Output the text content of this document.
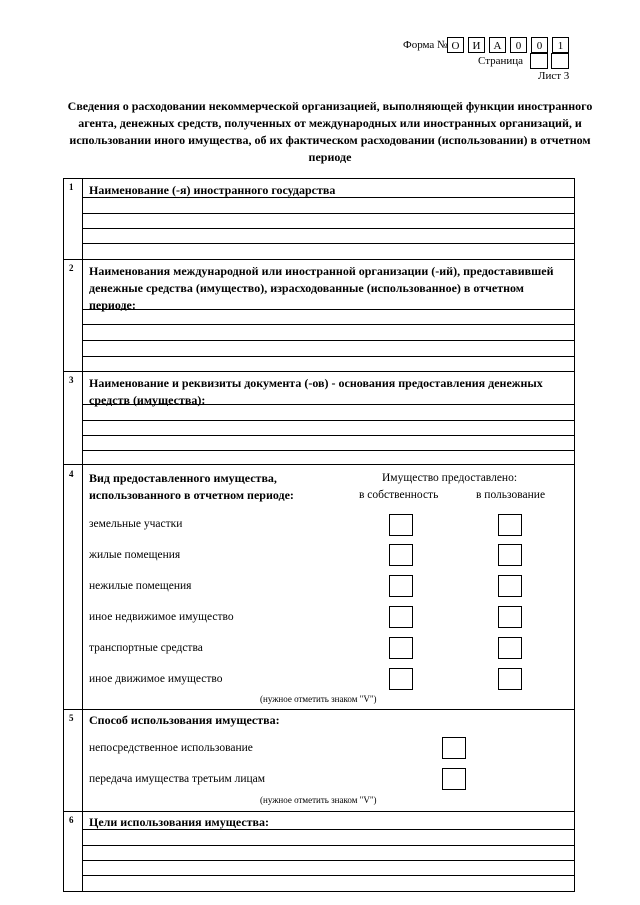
Форма № О	И	А	0	0	1
Страница
Лист 3
Сведения о расходовании некоммерческой организацией, выполняющей функции иностранного агента, денежных средств, полученных от международных или иностранных организаций, и использовании иного имущества, об их фактическом расходовании (использовании) в отчетном периоде
1 Наименование (-я) иностранного государства
2 Наименования международной или иностранной организации (-ий), предоставившей денежные средства (имущество), израсходованные (использованное) в отчетном периоде:
3 Наименование и реквизиты документа (-ов) - основания предоставления денежных средств (имущества):
4 Вид предоставленного имущества, использованного в отчетном периоде:
Имущество предоставлено:
в собственность	в пользование
земельные участки
жилые помещения
нежилые помещения
иное недвижимое имущество
транспортные средства
иное движимое имущество
(нужное отметить знаком "V")
5 Способ использования имущества:
непосредственное использование
передача имущества третьим лицам
(нужное отметить знаком "V")
6 Цели использования имущества:
